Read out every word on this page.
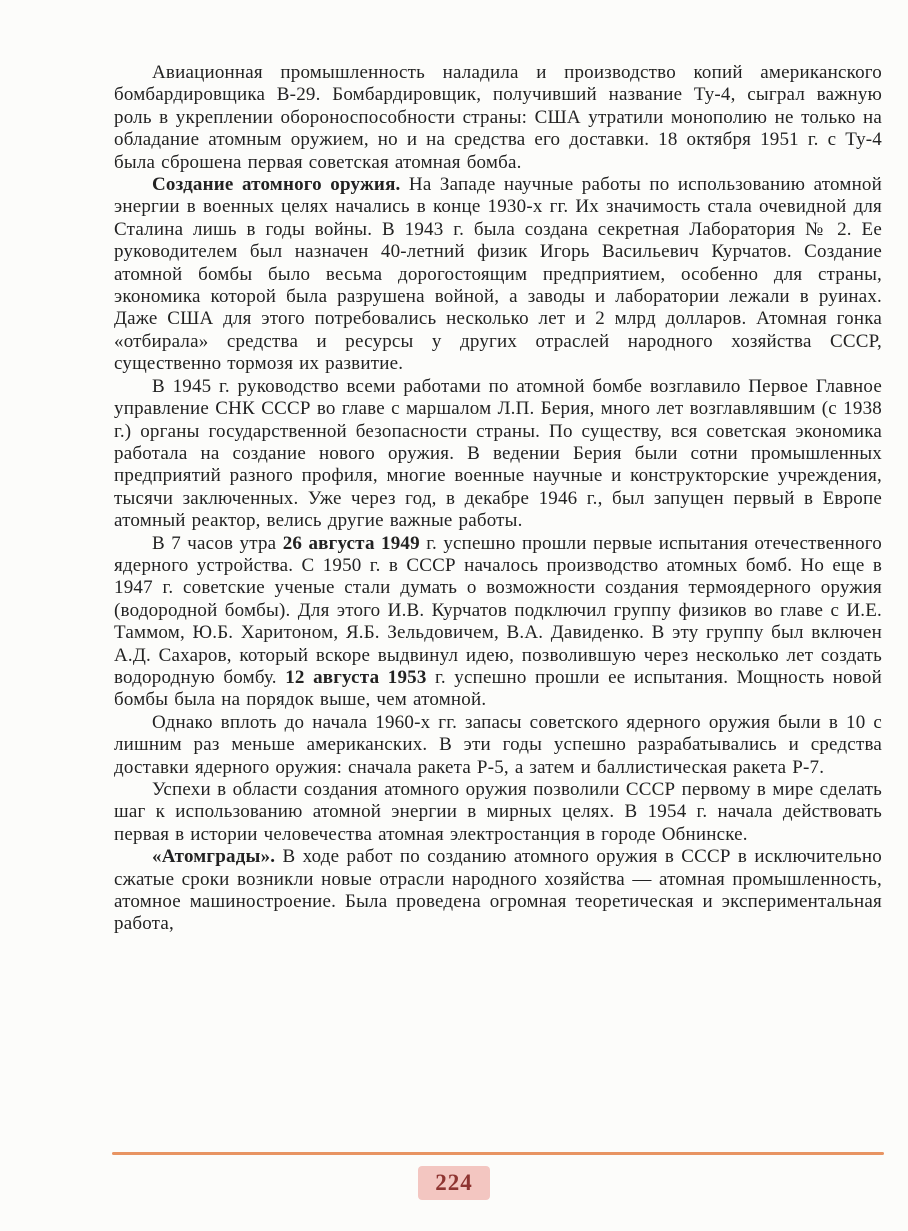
Авиационная промышленность наладила и производство копий американского бомбардировщика В-29. Бомбардировщик, получивший название Ту-4, сыграл важную роль в укреплении обороноспособности страны: США утратили монополию не только на обладание атомным оружием, но и на средства его доставки. 18 октября 1951 г. с Ту-4 была сброшена первая советская атомная бомба.

Создание атомного оружия. На Западе научные работы по использованию атомной энергии в военных целях начались в конце 1930-х гг. Их значимость стала очевидной для Сталина лишь в годы войны. В 1943 г. была создана секретная Лаборатория № 2. Ее руководителем был назначен 40-летний физик Игорь Васильевич Курчатов. Создание атомной бомбы было весьма дорогостоящим предприятием, особенно для страны, экономика которой была разрушена войной, а заводы и лаборатории лежали в руинах. Даже США для этого потребовались несколько лет и 2 млрд долларов. Атомная гонка «отбирала» средства и ресурсы у других отраслей народного хозяйства СССР, существенно тормозя их развитие.

В 1945 г. руководство всеми работами по атомной бомбе возглавило Первое Главное управление СНК СССР во главе с маршалом Л.П. Берия, много лет возглавлявшим (с 1938 г.) органы государственной безопасности страны. По существу, вся советская экономика работала на создание нового оружия. В ведении Берия были сотни промышленных предприятий разного профиля, многие военные научные и конструкторские учреждения, тысячи заключенных. Уже через год, в декабре 1946 г., был запущен первый в Европе атомный реактор, велись другие важные работы.

В 7 часов утра 26 августа 1949 г. успешно прошли первые испытания отечественного ядерного устройства. С 1950 г. в СССР началось производство атомных бомб. Но еще в 1947 г. советские ученые стали думать о возможности создания термоядерного оружия (водородной бомбы). Для этого И.В. Курчатов подключил группу физиков во главе с И.Е. Таммом, Ю.Б. Харитоном, Я.Б. Зельдовичем, В.А. Давиденко. В эту группу был включен А.Д. Сахаров, который вскоре выдвинул идею, позволившую через несколько лет создать водородную бомбу. 12 августа 1953 г. успешно прошли ее испытания. Мощность новой бомбы была на порядок выше, чем атомной.

Однако вплоть до начала 1960-х гг. запасы советского ядерного оружия были в 10 с лишним раз меньше американских. В эти годы успешно разрабатывались и средства доставки ядерного оружия: сначала ракета Р-5, а затем и баллистическая ракета Р-7.

Успехи в области создания атомного оружия позволили СССР первому в мире сделать шаг к использованию атомной энергии в мирных целях. В 1954 г. начала действовать первая в истории человечества атомная электростанция в городе Обнинске.

«Атомграды». В ходе работ по созданию атомного оружия в СССР в исключительно сжатые сроки возникли новые отрасли народного хозяйства — атомная промышленность, атомное машиностроение. Была проведена огромная теоретическая и экспериментальная работа,

224
